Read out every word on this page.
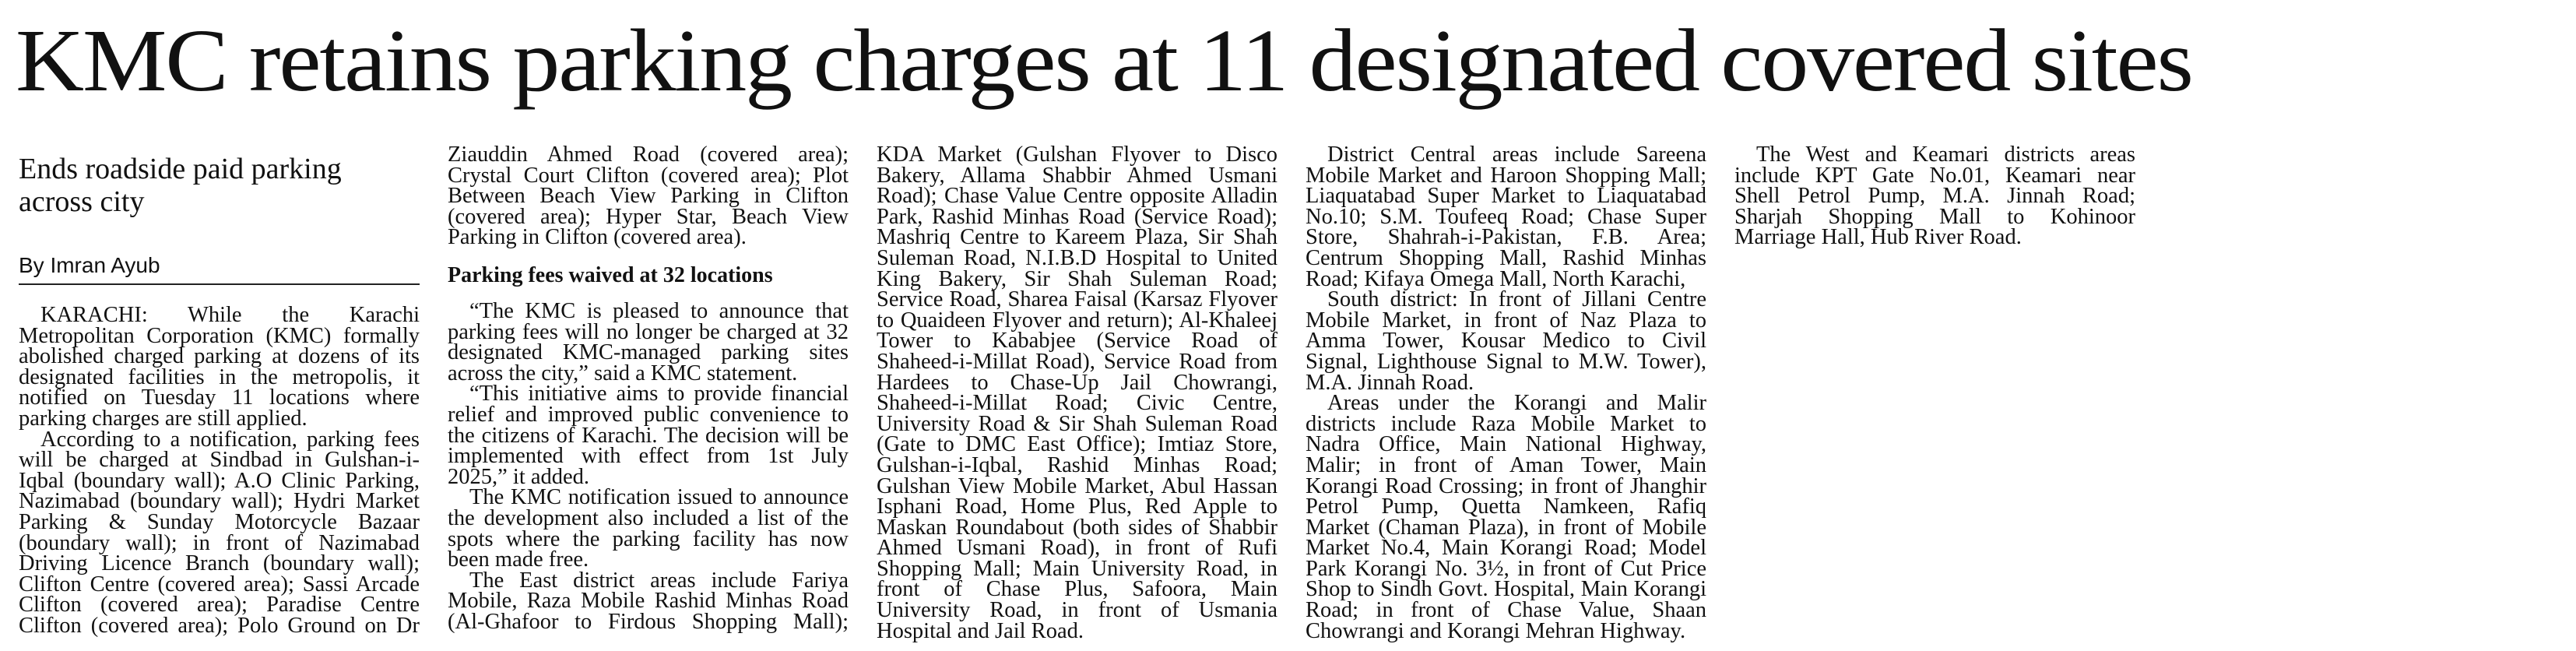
KMC retains parking charges at 11 designated covered sites
Ends roadside paid parking across city
By Imran Ayub

KARACHI: While the Karachi Metropolitan Corporation (KMC) formally abolished charged parking at dozens of its designated facilities in the metropolis, it notified on Tuesday 11 locations where parking charges are still applied.

According to a notification, parking fees will be charged at Sindbad in Gulshan-i-Iqbal (boundary wall); A.O Clinic Parking, Nazimabad (boundary wall); Hydri Market Parking & Sunday Motorcycle Bazaar (boundary wall); in front of Nazimabad Driving Licence Branch (boundary wall); Clifton Centre (covered area); Sassi Arcade Clifton (covered area); Paradise Centre Clifton (covered area); Polo Ground on Dr Ziauddin Ahmed Road (covered area); Crystal Court Clifton (covered area); Plot Between Beach View Parking in Clifton (covered area); Hyper Star, Beach View Parking in Clifton (covered area).

Parking fees waived at 32 locations

“The KMC is pleased to announce that parking fees will no longer be charged at 32 designated KMC-managed parking sites across the city,” said a KMC statement.

“This initiative aims to provide financial relief and improved public convenience to the citizens of Karachi. The decision will be implemented with effect from 1st July 2025,” it added.

The KMC notification issued to announce the development also included a list of the spots where the parking facility has now been made free.

The East district areas include Fariya Mobile, Raza Mobile Rashid Minhas Road (Al-Ghafoor to Firdous Shopping Mall); KDA Market (Gulshan Flyover to Disco Bakery, Allama Shabbir Ahmed Usmani Road); Chase Value Centre opposite Alladin Park, Rashid Minhas Road (Service Road); Mashriq Centre to Kareem Plaza, Sir Shah Suleman Road, N.I.B.D Hospital to United King Bakery, Sir Shah Suleman Road; Service Road, Sharea Faisal (Karsaz Flyover to Quaideen Flyover and return); Al-Khaleej Tower to Kababjee (Service Road of Shaheed-i-Millat Road), Service Road from Hardees to Chase-Up Jail Chowrangi, Shaheed-i-Millat Road; Civic Centre, University Road & Sir Shah Suleman Road (Gate to DMC East Office); Imtiaz Store, Gulshan-i-Iqbal, Rashid Minhas Road; Gulshan View Mobile Market, Abul Hassan Isphani Road, Home Plus, Red Apple to Maskan Roundabout (both sides of Shabbir Ahmed Usmani Road), in front of Rufi Shopping Mall; Main University Road, in front of Chase Plus, Safoora, Main University Road, in front of Usmania Hospital and Jail Road.

District Central areas include Sareena Mobile Market and Haroon Shopping Mall; Liaquatabad Super Market to Liaquatabad No.10; S.M. Toufeeq Road; Chase Super Store, Shahrah-i-Pakistan, F.B. Area; Centrum Shopping Mall, Rashid Minhas Road; Kifaya Omega Mall, North Karachi,

South district: In front of Jillani Centre Mobile Market, in front of Naz Plaza to Amma Tower, Kousar Medico to Civil Signal, Lighthouse Signal to M.W. Tower), M.A. Jinnah Road.

Areas under the Korangi and Malir districts include Raza Mobile Market to Nadra Office, Main National Highway, Malir; in front of Aman Tower, Main Korangi Road Crossing; in front of Jhanghir Petrol Pump, Quetta Namkeen, Rafiq Market (Chaman Plaza), in front of Mobile Market No.4, Main Korangi Road; Model Park Korangi No. 3½, in front of Cut Price Shop to Sindh Govt. Hospital, Main Korangi Road; in front of Chase Value, Shaan Chowrangi and Korangi Mehran Highway.

The West and Keamari districts areas include KPT Gate No.01, Keamari near Shell Petrol Pump, M.A. Jinnah Road; Sharjah Shopping Mall to Kohinoor Marriage Hall, Hub River Road.
